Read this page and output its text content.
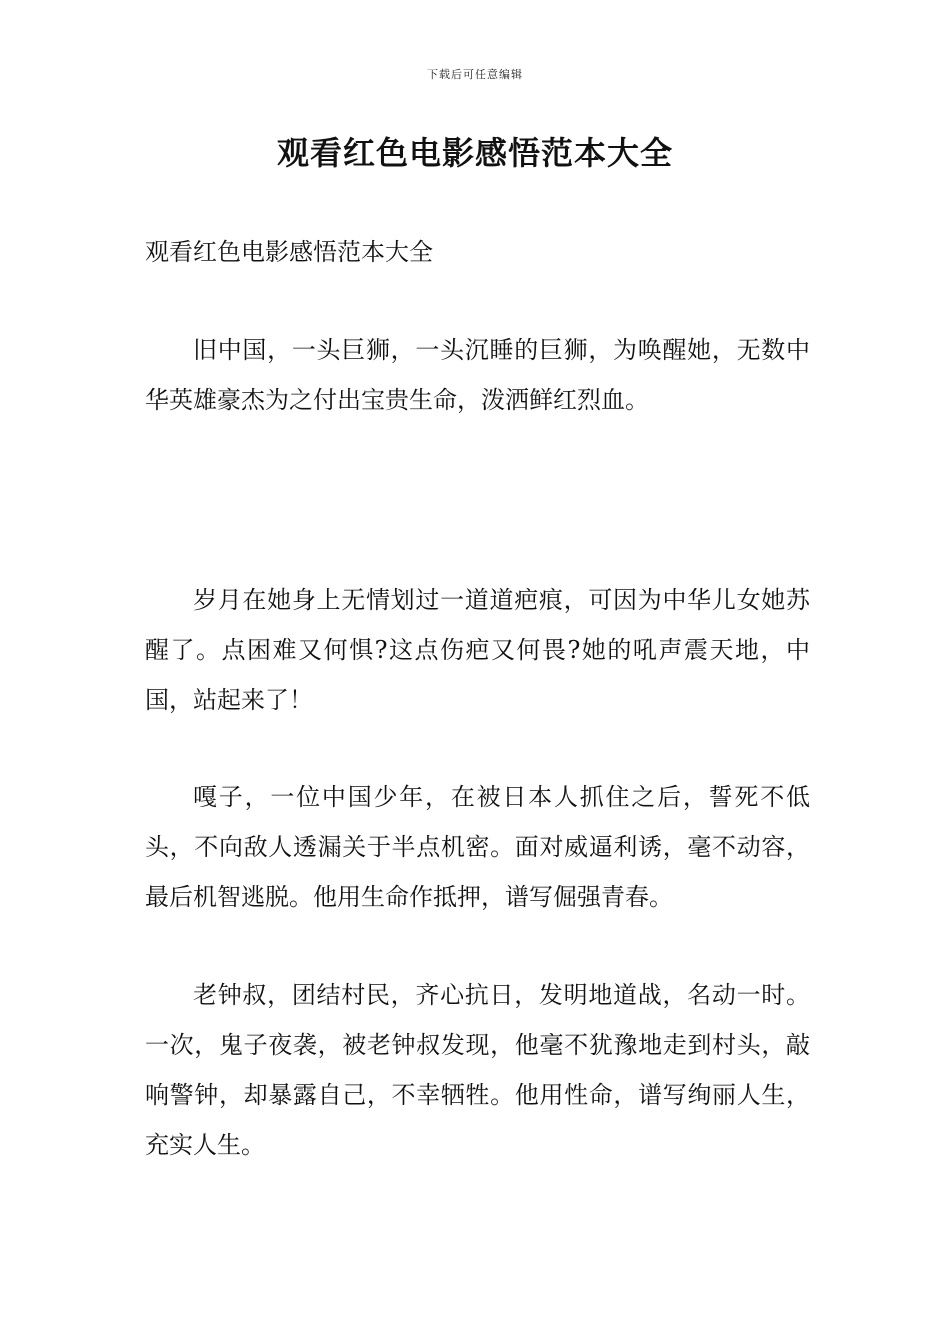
下载后可任意编辑
观看红色电影感悟范本大全

观看红色电影感悟范本大全

旧中国，一头巨狮，一头沉睡的巨狮，为唤醒她，无数中华英雄豪杰为之付出宝贵生命，泼洒鲜红烈血。

岁月在她身上无情划过一道道疤痕，可因为中华儿女她苏醒了。点困难又何惧?这点伤疤又何畏?她的吼声震天地，中国，站起来了！

嘎子，一位中国少年，在被日本人抓住之后，誓死不低头，不向敌人透漏关于半点机密。面对威逼利诱，毫不动容，最后机智逃脱。他用生命作抵押，谱写倔强青春。

老钟叔，团结村民，齐心抗日，发明地道战，名动一时。一次，鬼子夜袭，被老钟叔发现，他毫不犹豫地走到村头，敲响警钟，却暴露自己，不幸牺牲。他用性命，谱写绚丽人生，充实人生。
